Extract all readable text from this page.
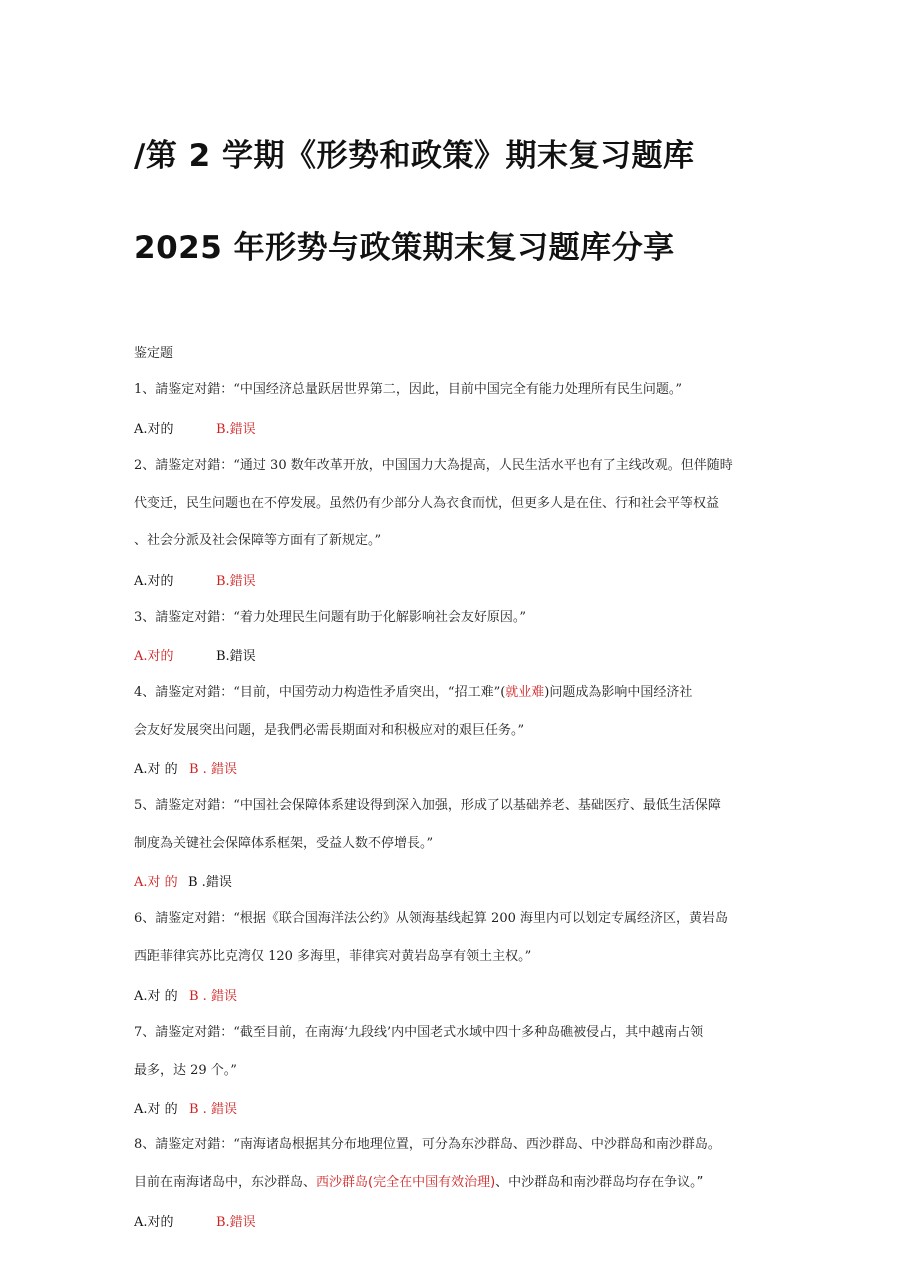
/第 2 学期《形势和政策》期末复习题库
2025 年形势与政策期末复习题库分享
鉴定题
1、請鉴定对錯：“中国经济总量跃居世界第二，因此，目前中国完全有能力处理所有民生问题。”
A.对的	B.錯误
2、請鉴定对錯：“通过 30 数年改革开放，中国国力大為提高，人民生活水平也有了主线改观。但伴随時
代变迁，民生问题也在不停发展。虽然仍有少部分人為衣食而忧，但更多人是在住、行和社会平等权益
、社会分派及社会保障等方面有了新规定。”
A.对的	B.錯误
3、請鉴定对錯：“着力处理民生问题有助于化解影响社会友好原因。”
A.对的	B.錯误
4、請鉴定对錯：“目前，中国劳动力构造性矛盾突出，“招工难”(就业难)问题成為影响中国经济社
会友好发展突出问题，是我們必需長期面对和积极应对的艰巨任务。”
A.对 的 B . 錯误
5、請鉴定对錯：“中国社会保障体系建设得到深入加强，形成了以基础养老、基础医疗、最低生活保障
制度為关键社会保障体系框架，受益人数不停增長。”
A.对 的 B .錯误
6、請鉴定对錯：“根据《联合国海洋法公约》从领海基线起算 200 海里内可以划定专属经济区，黄岩岛
西距菲律宾苏比克湾仅 120 多海里，菲律宾对黄岩岛享有领土主权。”
A.对 的 B . 錯误
7、請鉴定对錯：“截至目前，在南海‘九段线’内中国老式水域中四十多种岛礁被侵占，其中越南占领
最多，达 29 个。”
A.对 的 B . 錯误
8、請鉴定对錯：“南海诸岛根据其分布地理位置，可分為东沙群岛、西沙群岛、中沙群岛和南沙群岛。
目前在南海诸岛中，东沙群岛、西沙群岛(完全在中国有效治理)、中沙群岛和南沙群岛均存在争议。”
A.对的	B.錯误
